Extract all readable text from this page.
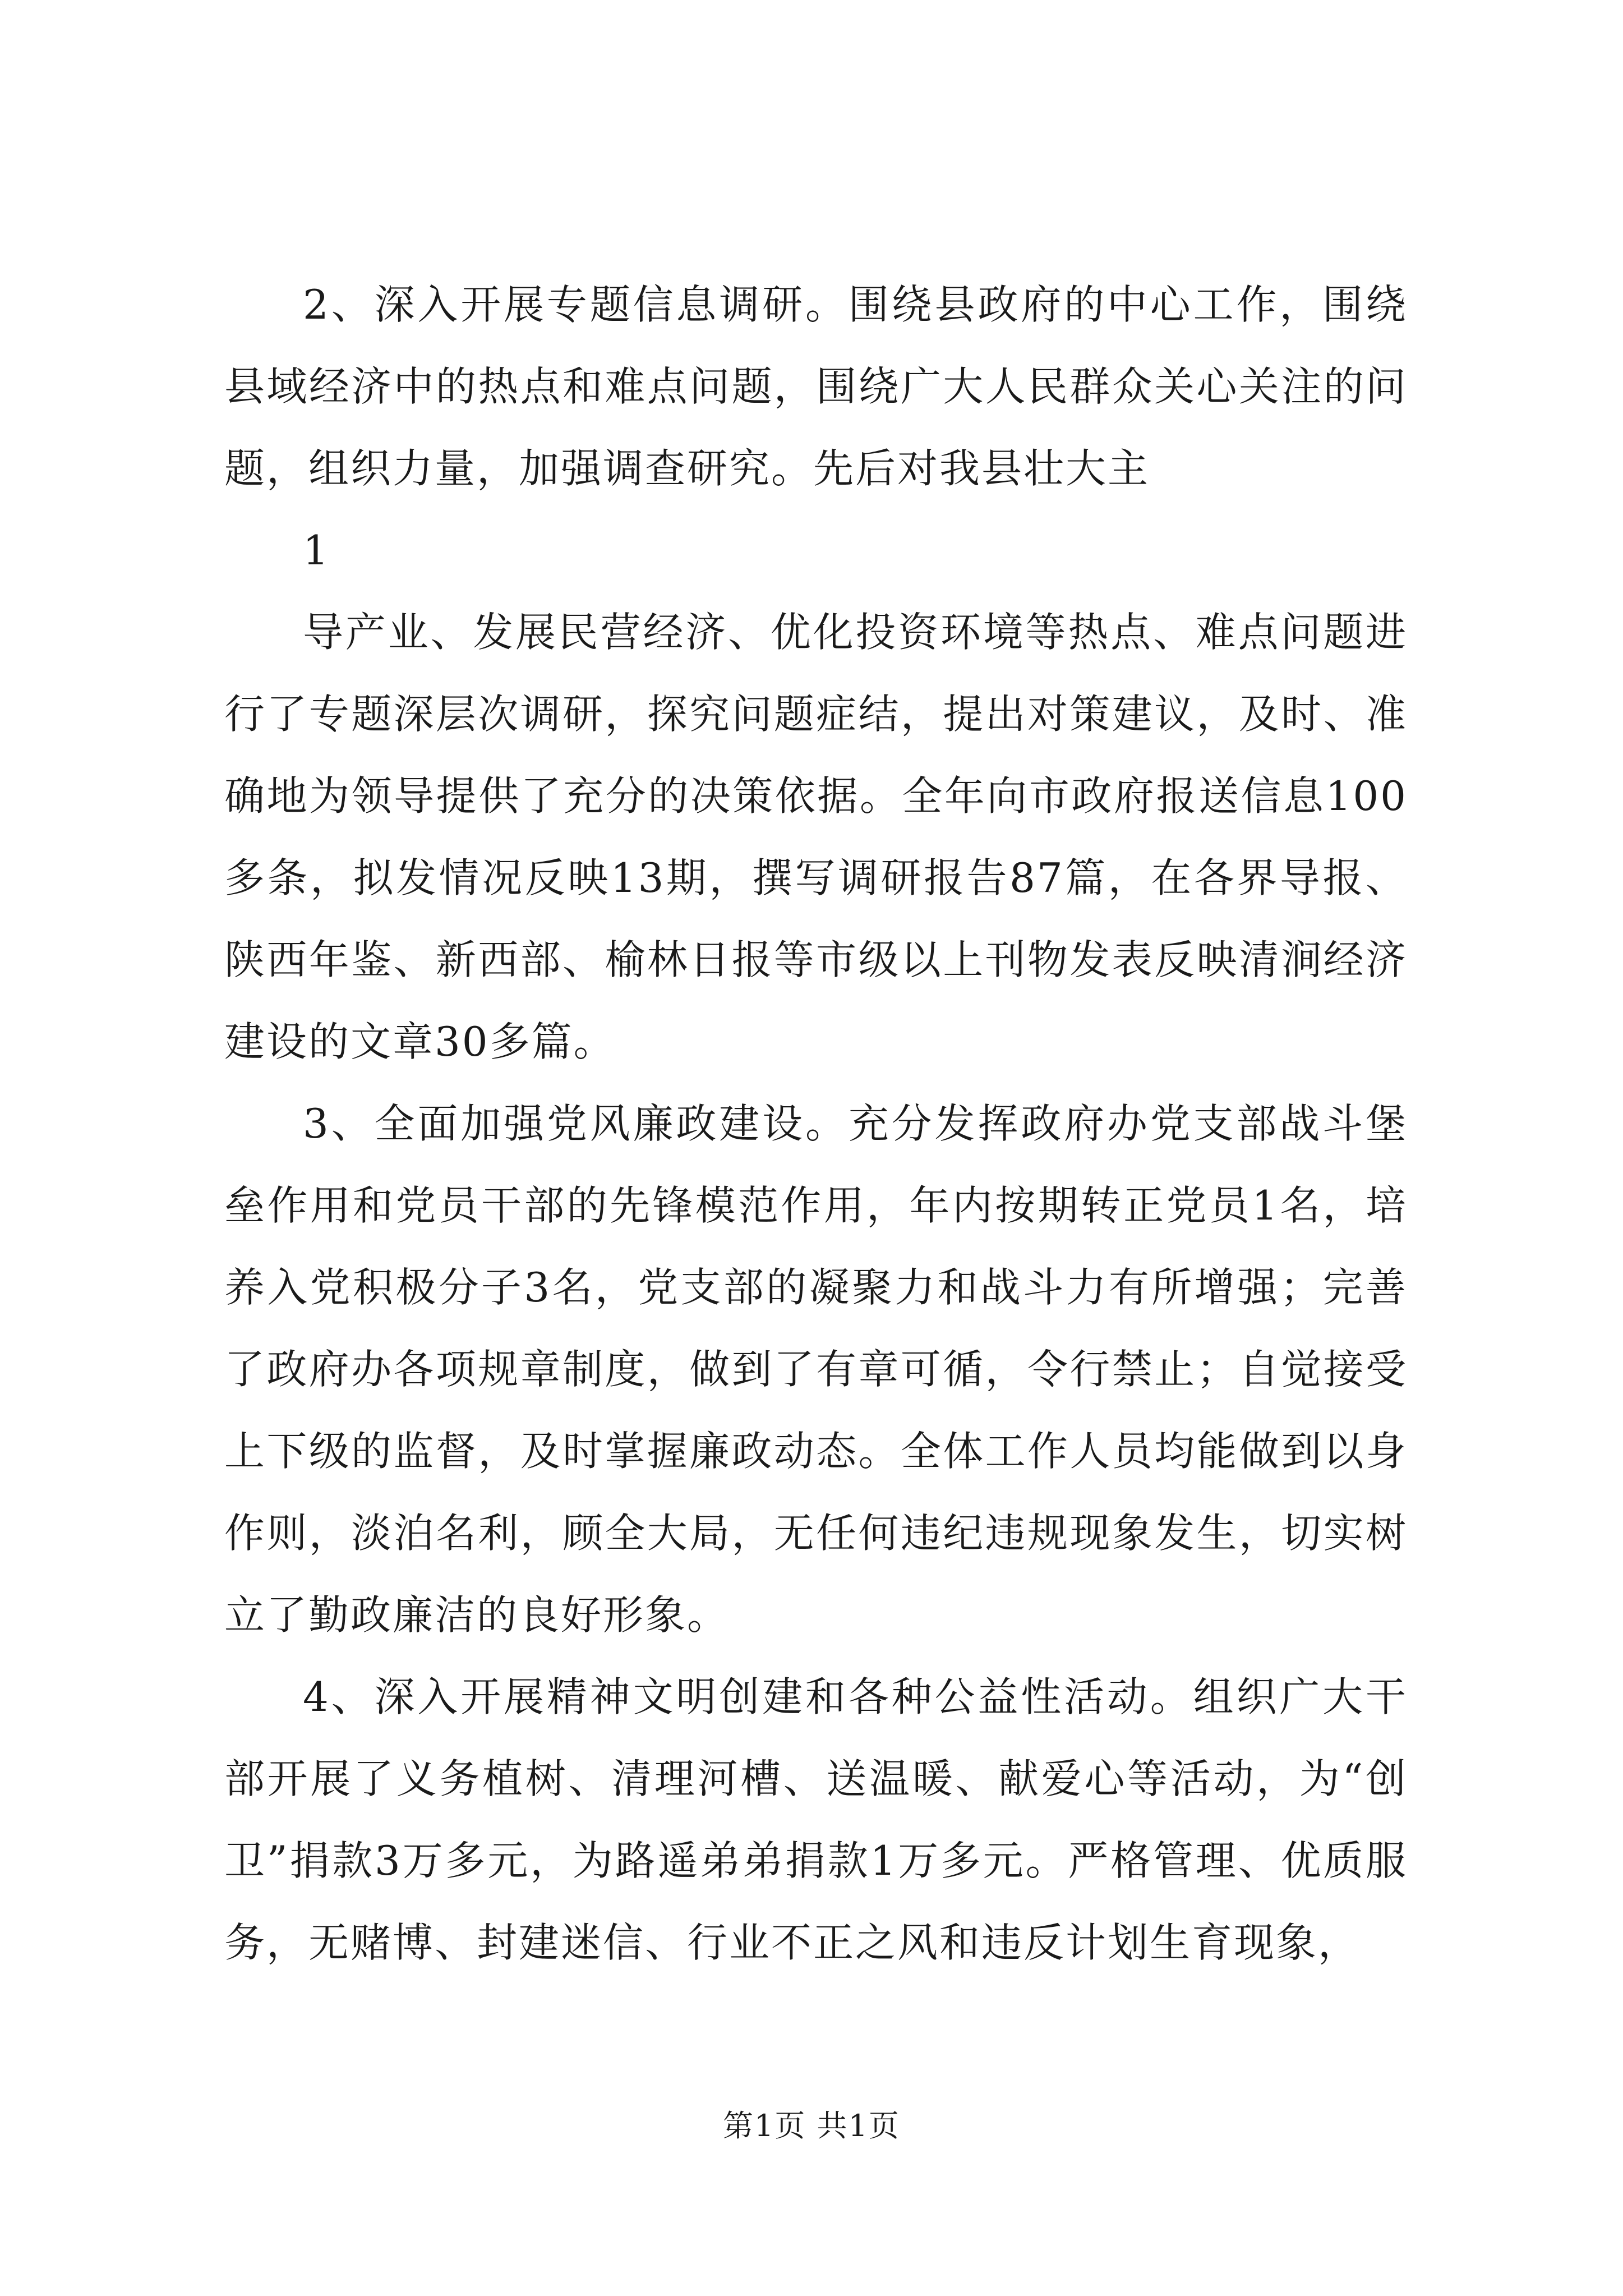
2、深入开展专题信息调研。围绕县政府的中心工作，围绕县域经济中的热点和难点问题，围绕广大人民群众关心关注的问题，组织力量，加强调查研究。先后对我县壮大主

1

导产业、发展民营经济、优化投资环境等热点、难点问题进行了专题深层次调研，探究问题症结，提出对策建议，及时、准确地为领导提供了充分的决策依据。全年向市政府报送信息100多条，拟发情况反映13期，撰写调研报告87篇，在各界导报、陕西年鉴、新西部、榆林日报等市级以上刊物发表反映清涧经济建设的文章30多篇。

3、全面加强党风廉政建设。充分发挥政府办党支部战斗堡垒作用和党员干部的先锋模范作用，年内按期转正党员1名，培养入党积极分子3名，党支部的凝聚力和战斗力有所增强；完善了政府办各项规章制度，做到了有章可循，令行禁止；自觉接受上下级的监督，及时掌握廉政动态。全体工作人员均能做到以身作则，淡泊名利，顾全大局，无任何违纪违规现象发生，切实树立了勤政廉洁的良好形象。

4、深入开展精神文明创建和各种公益性活动。组织广大干部开展了义务植树、清理河槽、送温暖、献爱心等活动，为“创卫”捐款3万多元，为路遥弟弟捐款1万多元。严格管理、优质服务，无赌博、封建迷信、行业不正之风和违反计划生育现象，

第1页 共1页
